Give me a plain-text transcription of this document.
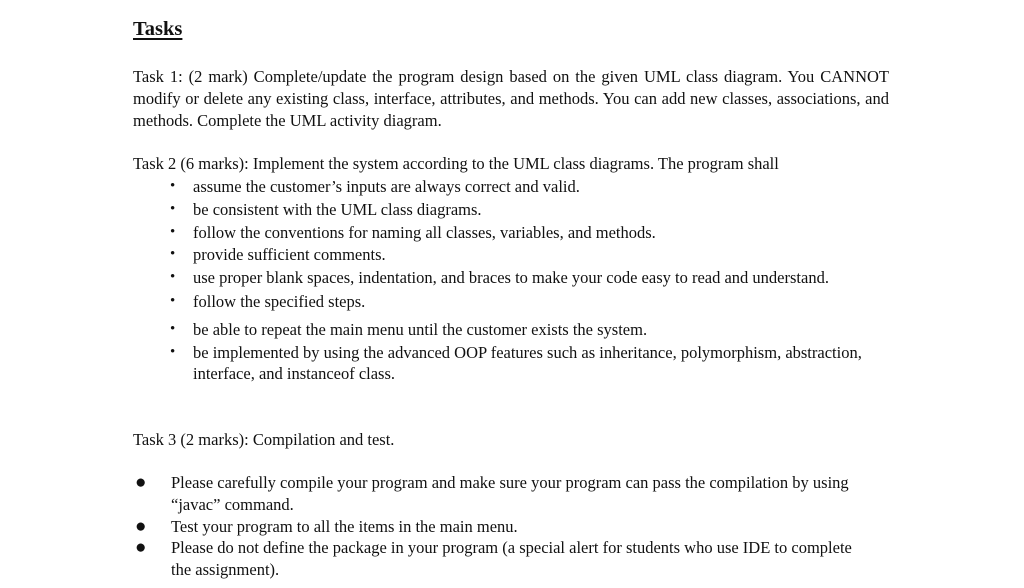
Tasks

Task 1: (2 mark) Complete/update the program design based on the given UML class diagram. You CANNOT modify or delete any existing class, interface, attributes, and methods. You can add new classes, associations, and methods. Complete the UML activity diagram.

Task 2 (6 marks): Implement the system according to the UML class diagrams. The program shall

• assume the customer’s inputs are always correct and valid.
• be consistent with the UML class diagrams.
• follow the conventions for naming all classes, variables, and methods.
• provide sufficient comments.
• use proper blank spaces, indentation, and braces to make your code easy to read and understand.
• follow the specified steps.
• be able to repeat the main menu until the customer exists the system.
• be implemented by using the advanced OOP features such as inheritance, polymorphism, abstraction, interface, and instanceof class.

Task 3 (2 marks): Compilation and test.

● Please carefully compile your program and make sure your program can pass the compilation by using “javac” command.
● Test your program to all the items in the main menu.
● Please do not define the package in your program (a special alert for students who use IDE to complete the assignment).
